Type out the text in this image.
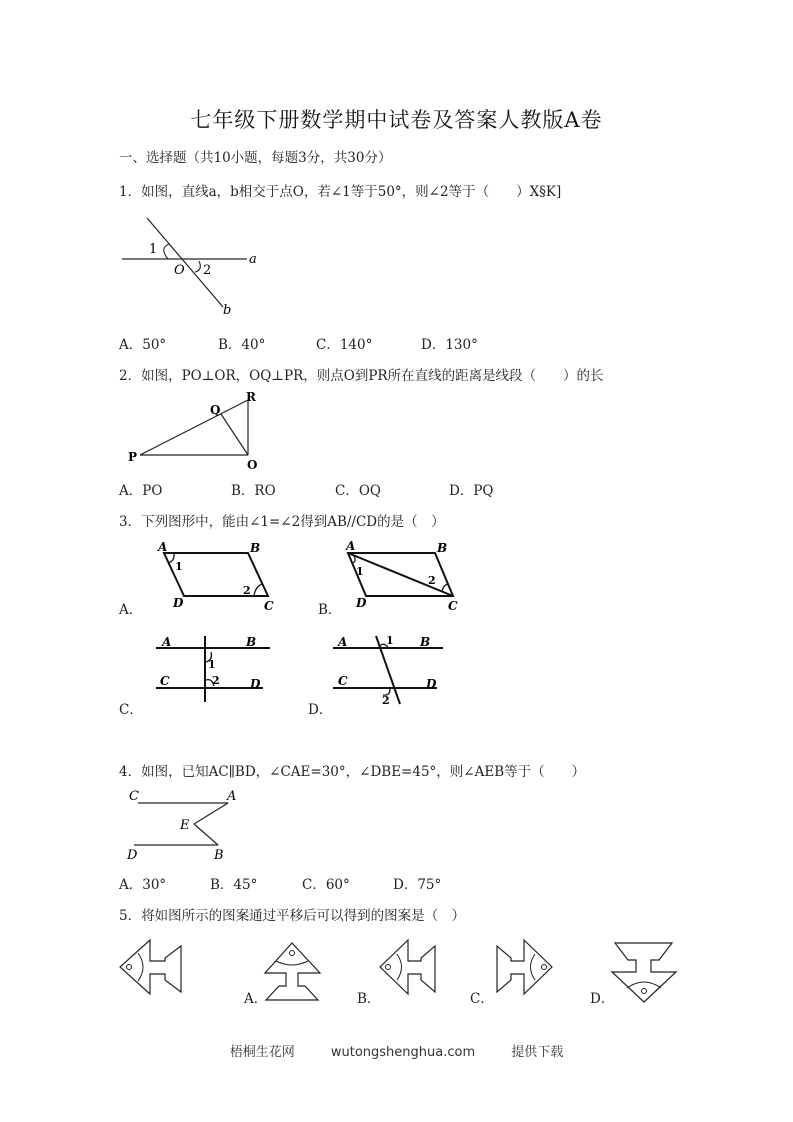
七年级下册数学期中试卷及答案人教版A卷
一、选择题（共10小题，每题3分，共30分）
1．如图，直线a，b相交于点O，若∠1等于50°，则∠2等于（　　）X§K]
1
O 2
a
b
A．50°	B．40°	C．140°	D．130°
2．如图，PO⊥OR，OQ⊥PR，则点O到PR所在直线的距离是线段（　　）的长
P
Q
R
O
A．PO	B．RO	C．OQ	D．PQ
3．下列图形中，能由∠1=∠2得到AB//CD的是（　）
A．
A	B
C
D
1
2
B．
A	B
C
D
1
2
C．
A	B
C	D
1
2
D．
A	B
C	D
1
2
4．如图，已知AC∥BD，∠CAE=30°，∠DBE=45°，则∠AEB等于（　　）
C	A
E
D	B
A．30°	B．45°	C．60°	D．75°
5．将如图所示的图案通过平移后可以得到的图案是（　）
A．	B．	C．	D．
梧桐生花网	wutongshenghua.com	提供下载
